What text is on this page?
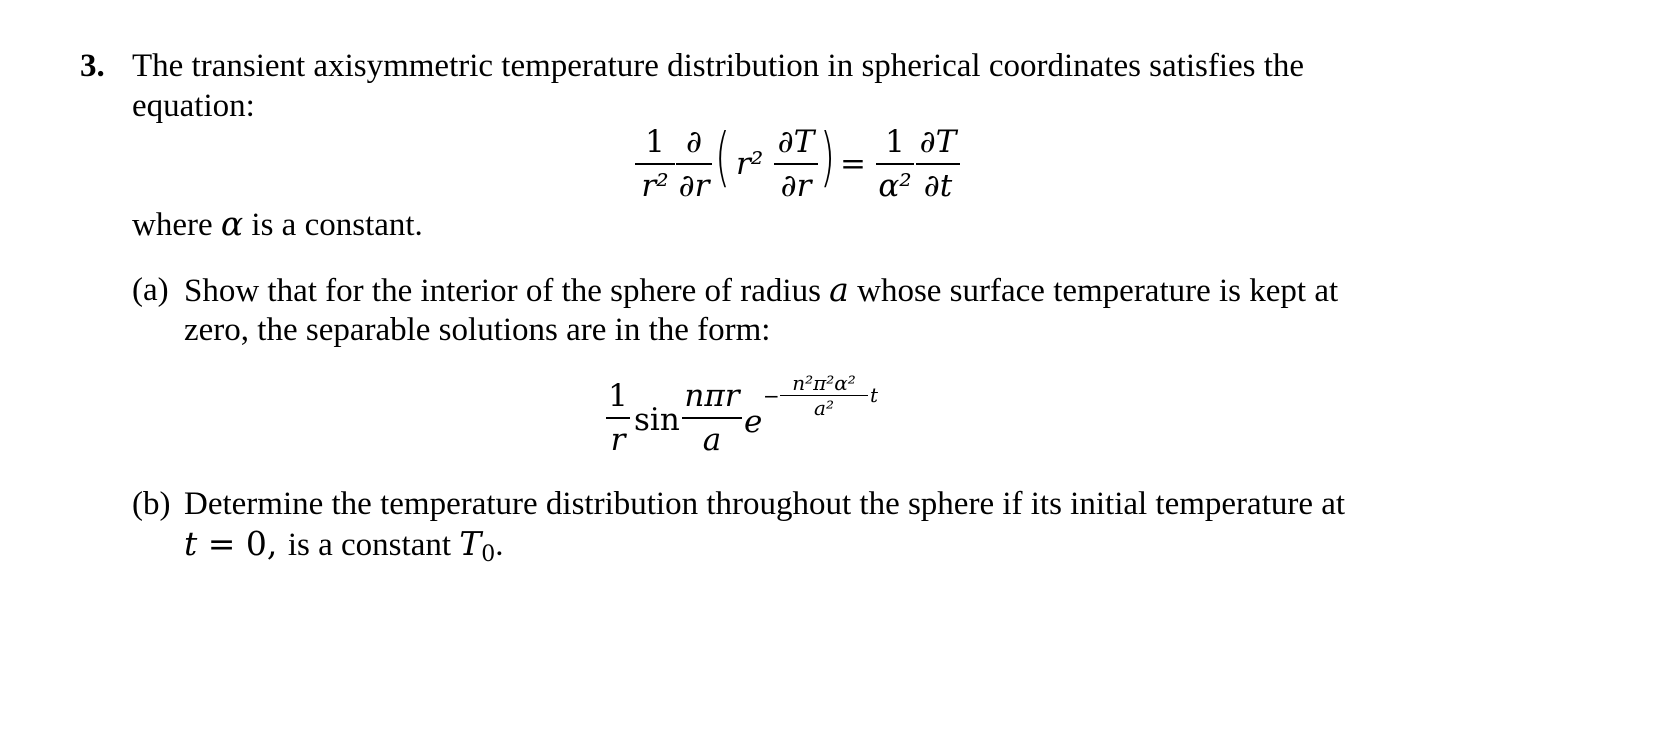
3. The transient axisymmetric temperature distribution in spherical coordinates satisfies the
equation:
1
r²
∂
∂r ( r²
∂T
∂r ) =
1
α²
∂T
∂t
where α is a constant.
(a) Show that for the interior of the sphere of radius a whose surface temperature is kept at
zero, the separable solutions are in the form:
1
r
sin
nπr
a e
−
n²π²α²
a²
t
(b) Determine the temperature distribution throughout the sphere if its initial temperature at
t = 0, is a constant T0.
